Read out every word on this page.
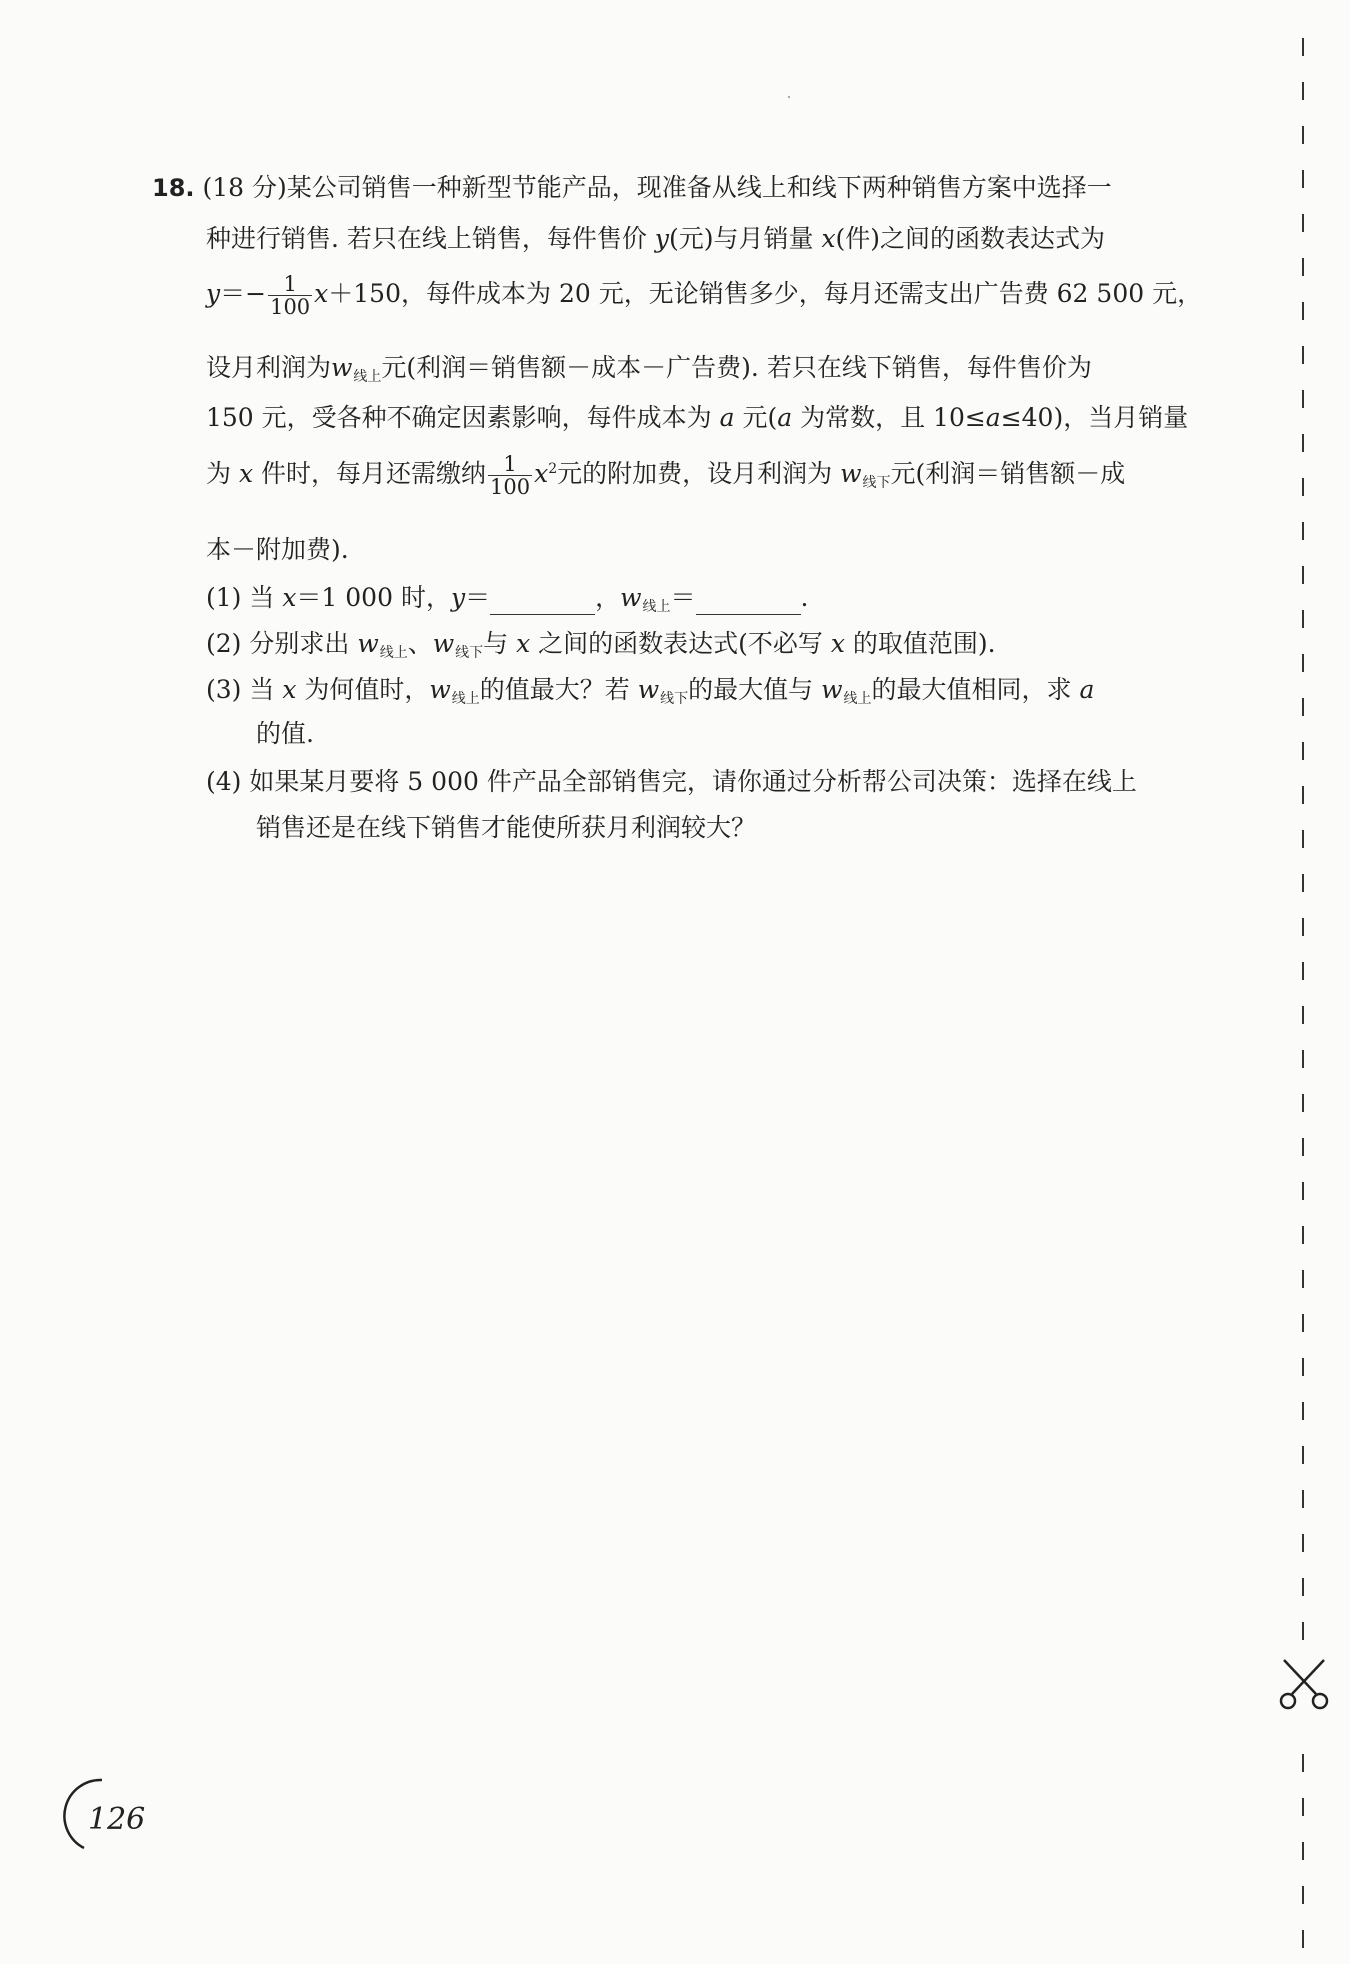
18. (18 分)某公司销售一种新型节能产品，现准备从线上和线下两种销售方案中选择一
种进行销售. 若只在线上销售，每件售价 y(元)与月销量 x(件)之间的函数表达式为
$y=- \frac{1}{100} x+150$，每件成本为 20 元，无论销售多少，每月还需支出广告费 62 500 元，
设月利润为$w_{线上}$元(利润＝销售额－成本－广告费). 若只在线下销售，每件售价为
150 元，受各种不确定因素影响，每件成本为 a 元(a 为常数，且 10≤a≤40)，当月销量
为 x 件时，每月还需缴纳 $\frac{1}{100} x^2$元的附加费，设月利润为 $w_{线下}$元(利润＝销售额－成
本－附加费).
(1) 当 x＝1 000 时，y＝	，$w_{线上}=$	.
(2) 分别求出 $w_{线上}$、$w_{线下}$与 x 之间的函数表达式(不必写 x 的取值范围).
(3) 当 x 为何值时，$w_{线上}$的值最大？若 $w_{线下}$的最大值与 $w_{线上}$的最大值相同，求 a
的值.
(4) 如果某月要将 5 000 件产品全部销售完，请你通过分析帮公司决策：选择在线上
销售还是在线下销售才能使所获月利润较大？
126
